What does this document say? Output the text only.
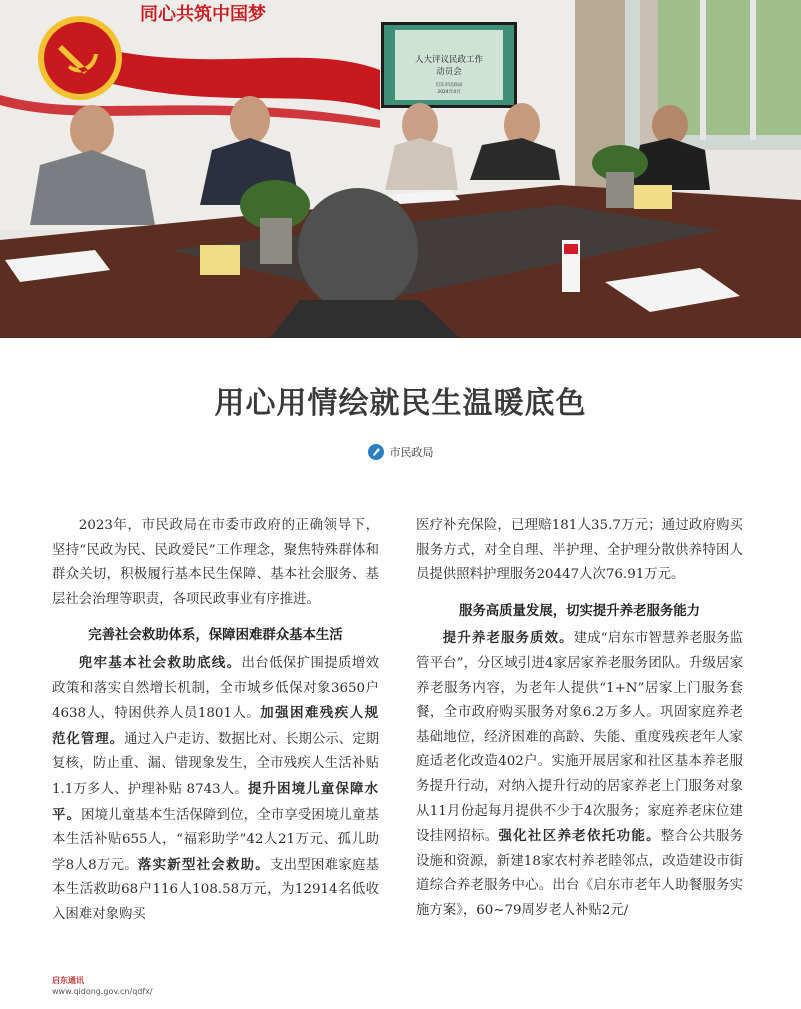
同心共筑中国梦
人大评议民政工作
动员会
启东市民政局
2024年4月
用心用情绘就民生温暖底色
市民政局

2023年，市民政局在市委市政府的正确领导下，坚持“民政为民、民政爱民”工作理念，聚焦特殊群体和群众关切，积极履行基本民生保障、基本社会服务、基层社会治理等职责，各项民政事业有序推进。

完善社会救助体系，保障困难群众基本生活

兜牢基本社会救助底线。出台低保扩围提质增效政策和落实自然增长机制，全市城乡低保对象3650户4638人，特困供养人员1801人。加强困难残疾人规范化管理。通过入户走访、数据比对、长期公示、定期复核，防止重、漏、错现象发生，全市残疾人生活补贴1.1万多人、护理补贴 8743人。提升困境儿童保障水平。困境儿童基本生活保障到位，全市享受困境儿童基本生活补贴655人，“福彩助学”42人21万元、孤儿助学8人8万元。落实新型社会救助。支出型困难家庭基本生活救助68户116人108.58万元，为12914名低收入困难对象购买

医疗补充保险，已理赔181人35.7万元；通过政府购买服务方式，对全自理、半护理、全护理分散供养特困人员提供照料护理服务20447人次76.91万元。

服务高质量发展，切实提升养老服务能力

提升养老服务质效。建成“启东市智慧养老服务监管平台”，分区域引进4家居家养老服务团队。升级居家养老服务内容，为老年人提供“1+N”居家上门服务套餐，全市政府购买服务对象6.2万多人。巩固家庭养老基础地位，经济困难的高龄、失能、重度残疾老年人家庭适老化改造402户。实施开展居家和社区基本养老服务提升行动，对纳入提升行动的居家养老上门服务对象从11月份起每月提供不少于4次服务；家庭养老床位建设挂网招标。强化社区养老依托功能。整合公共服务设施和资源，新建18家农村养老睦邻点，改造建设市街道综合养老服务中心。出台《启东市老年人助餐服务实施方案》，60~79周岁老人补贴2元/

启东通讯
www.qidong.gov.cn/qdfx/
